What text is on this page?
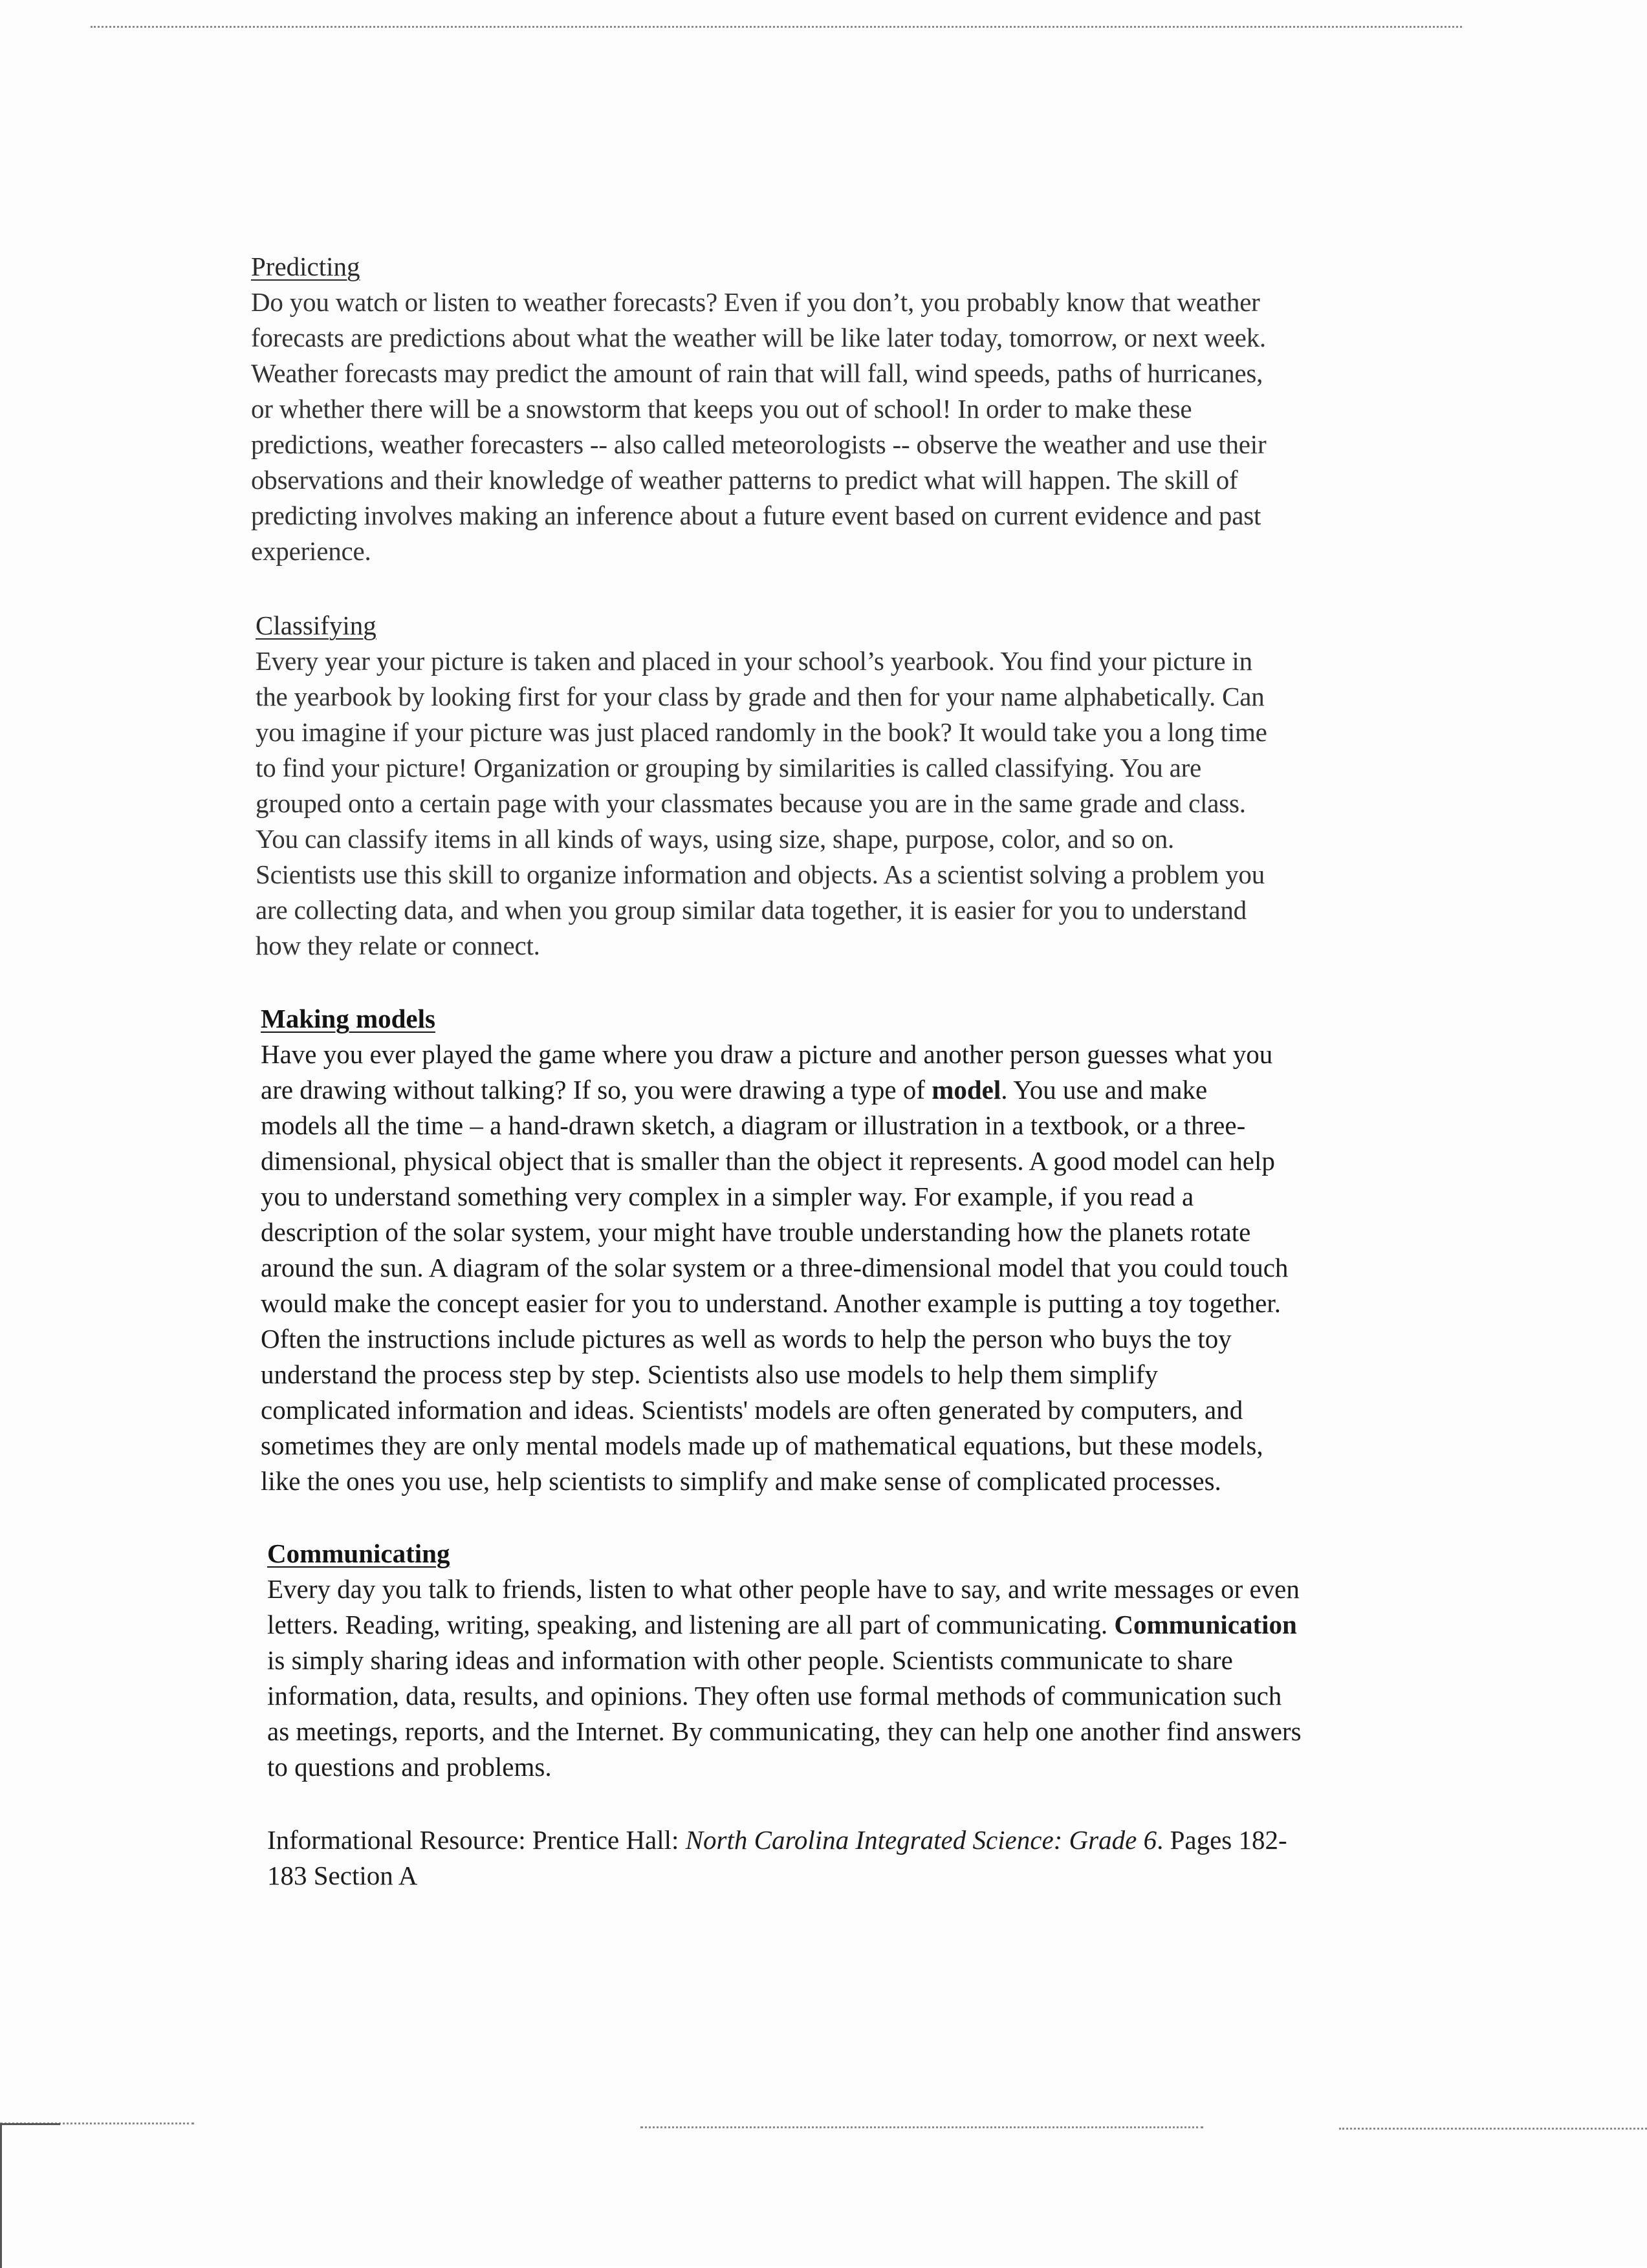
Predicting

Do you watch or listen to weather forecasts? Even if you don’t, you probably know that weather
forecasts are predictions about what the weather will be like later today, tomorrow, or next week.
Weather forecasts may predict the amount of rain that will fall, wind speeds, paths of hurricanes,
or whether there will be a snowstorm that keeps you out of school! In order to make these
predictions, weather forecasters -- also called meteorologists -- observe the weather and use their
observations and their knowledge of weather patterns to predict what will happen. The skill of
predicting involves making an inference about a future event based on current evidence and past
experience.

Classifying

Every year your picture is taken and placed in your school’s yearbook. You find your picture in
the yearbook by looking first for your class by grade and then for your name alphabetically. Can
you imagine if your picture was just placed randomly in the book? It would take you a long time
to find your picture! Organization or grouping by similarities is called classifying. You are
grouped onto a certain page with your classmates because you are in the same grade and class.
You can classify items in all kinds of ways, using size, shape, purpose, color, and so on.
Scientists use this skill to organize information and objects. As a scientist solving a problem you
are collecting data, and when you group similar data together, it is easier for you to understand
how they relate or connect.

Making models

Have you ever played the game where you draw a picture and another person guesses what you
are drawing without talking? If so, you were drawing a type of model. You use and make
models all the time – a hand-drawn sketch, a diagram or illustration in a textbook, or a three-
dimensional, physical object that is smaller than the object it represents. A good model can help
you to understand something very complex in a simpler way. For example, if you read a
description of the solar system, your might have trouble understanding how the planets rotate
around the sun. A diagram of the solar system or a three-dimensional model that you could touch
would make the concept easier for you to understand. Another example is putting a toy together.
Often the instructions include pictures as well as words to help the person who buys the toy
understand the process step by step. Scientists also use models to help them simplify
complicated information and ideas. Scientists' models are often generated by computers, and
sometimes they are only mental models made up of mathematical equations, but these models,
like the ones you use, help scientists to simplify and make sense of complicated processes.

Communicating

Every day you talk to friends, listen to what other people have to say, and write messages or even
letters. Reading, writing, speaking, and listening are all part of communicating. Communication
is simply sharing ideas and information with other people. Scientists communicate to share
information, data, results, and opinions. They often use formal methods of communication such
as meetings, reports, and the Internet. By communicating, they can help one another find answers
to questions and problems.

Informational Resource: Prentice Hall: North Carolina Integrated Science: Grade 6. Pages 182-
183 Section A
